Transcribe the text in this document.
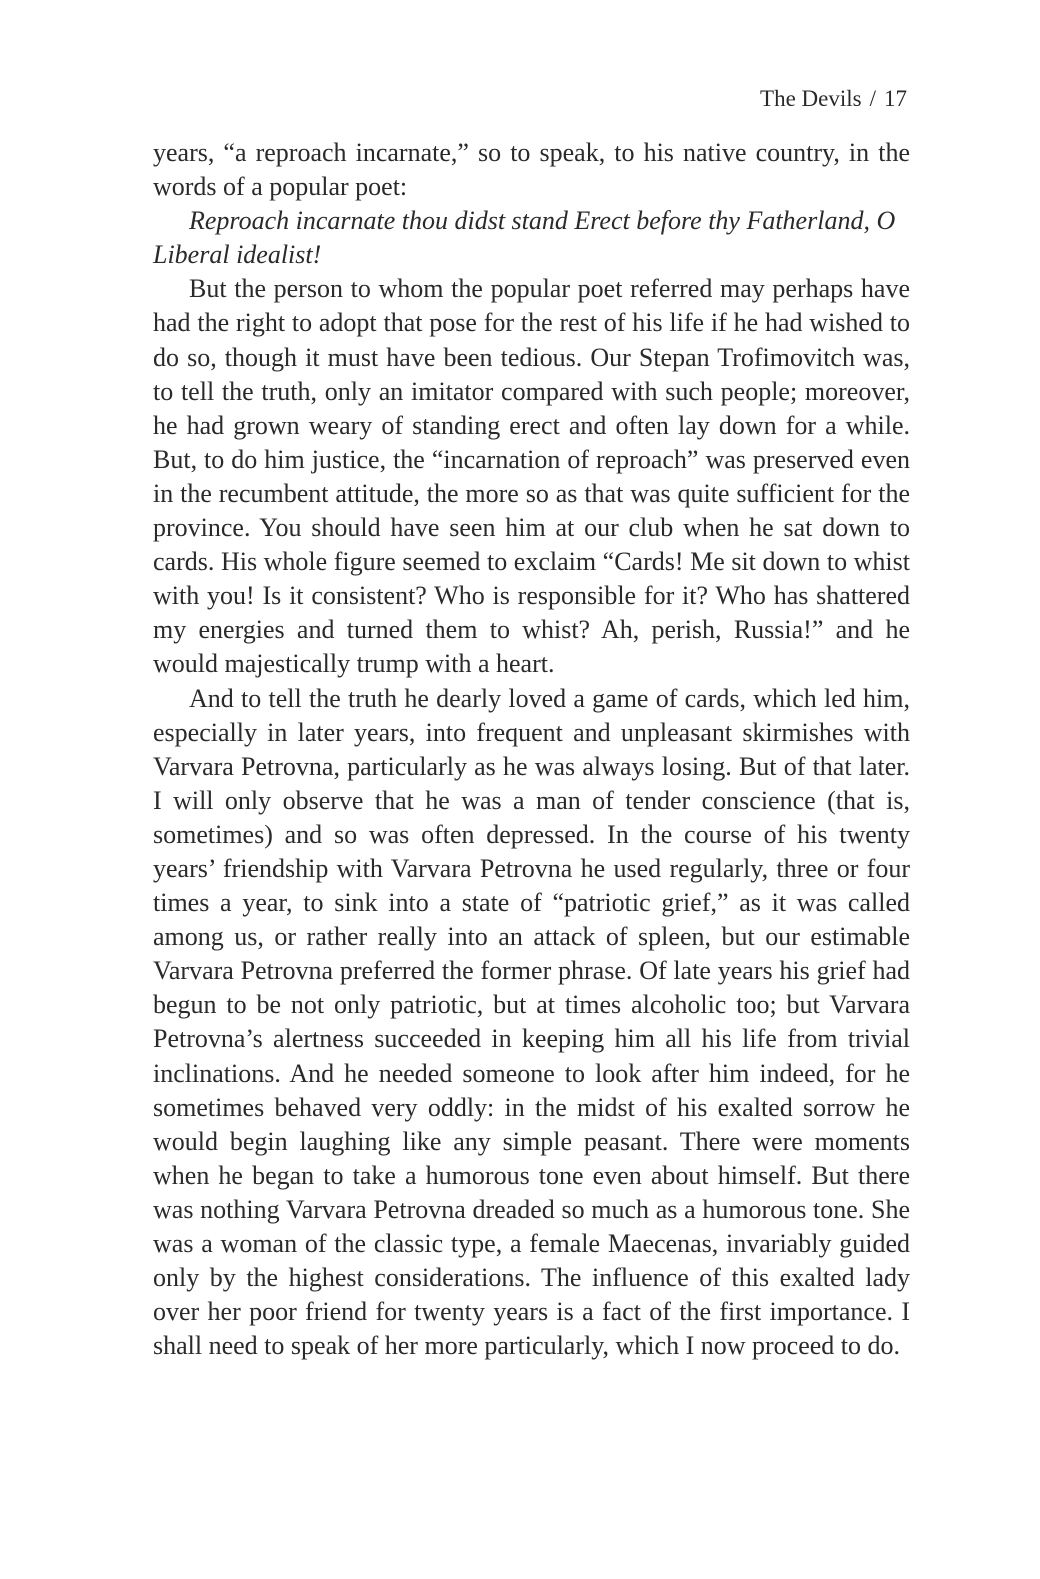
The Devils / 17

years, “a reproach incarnate,” so to speak, to his native country, in the words of a popular poet:

Reproach incarnate thou didst stand Erect before thy Fatherland, O Liberal idealist!

But the person to whom the popular poet referred may perhaps have had the right to adopt that pose for the rest of his life if he had wished to do so, though it must have been tedious. Our Stepan Trofimovitch was, to tell the truth, only an imitator compared with such people; moreover, he had grown weary of standing erect and often lay down for a while. But, to do him justice, the “incarnation of reproach” was preserved even in the recumbent attitude, the more so as that was quite sufficient for the province. You should have seen him at our club when he sat down to cards. His whole figure seemed to exclaim “Cards! Me sit down to whist with you! Is it consistent? Who is responsible for it? Who has shattered my energies and turned them to whist? Ah, perish, Russia!” and he would majestically trump with a heart.

And to tell the truth he dearly loved a game of cards, which led him, especially in later years, into frequent and unpleasant skirmishes with Varvara Petrovna, particularly as he was always losing. But of that later. I will only observe that he was a man of tender conscience (that is, sometimes) and so was often depressed. In the course of his twenty years’ friendship with Varvara Petrovna he used regularly, three or four times a year, to sink into a state of “patriotic grief,” as it was called among us, or rather really into an attack of spleen, but our estimable Varvara Petrovna preferred the former phrase. Of late years his grief had begun to be not only patriotic, but at times alcoholic too; but Varvara Petrovna’s alertness succeeded in keeping him all his life from trivial inclinations. And he needed someone to look after him indeed, for he sometimes behaved very oddly: in the midst of his exalted sorrow he would begin laughing like any simple peasant. There were moments when he began to take a humorous tone even about himself. But there was nothing Varvara Petrovna dreaded so much as a humorous tone. She was a woman of the classic type, a female Maecenas, invariably guided only by the highest considerations. The influence of this exalted lady over her poor friend for twenty years is a fact of the first importance. I shall need to speak of her more particularly, which I now proceed to do.
